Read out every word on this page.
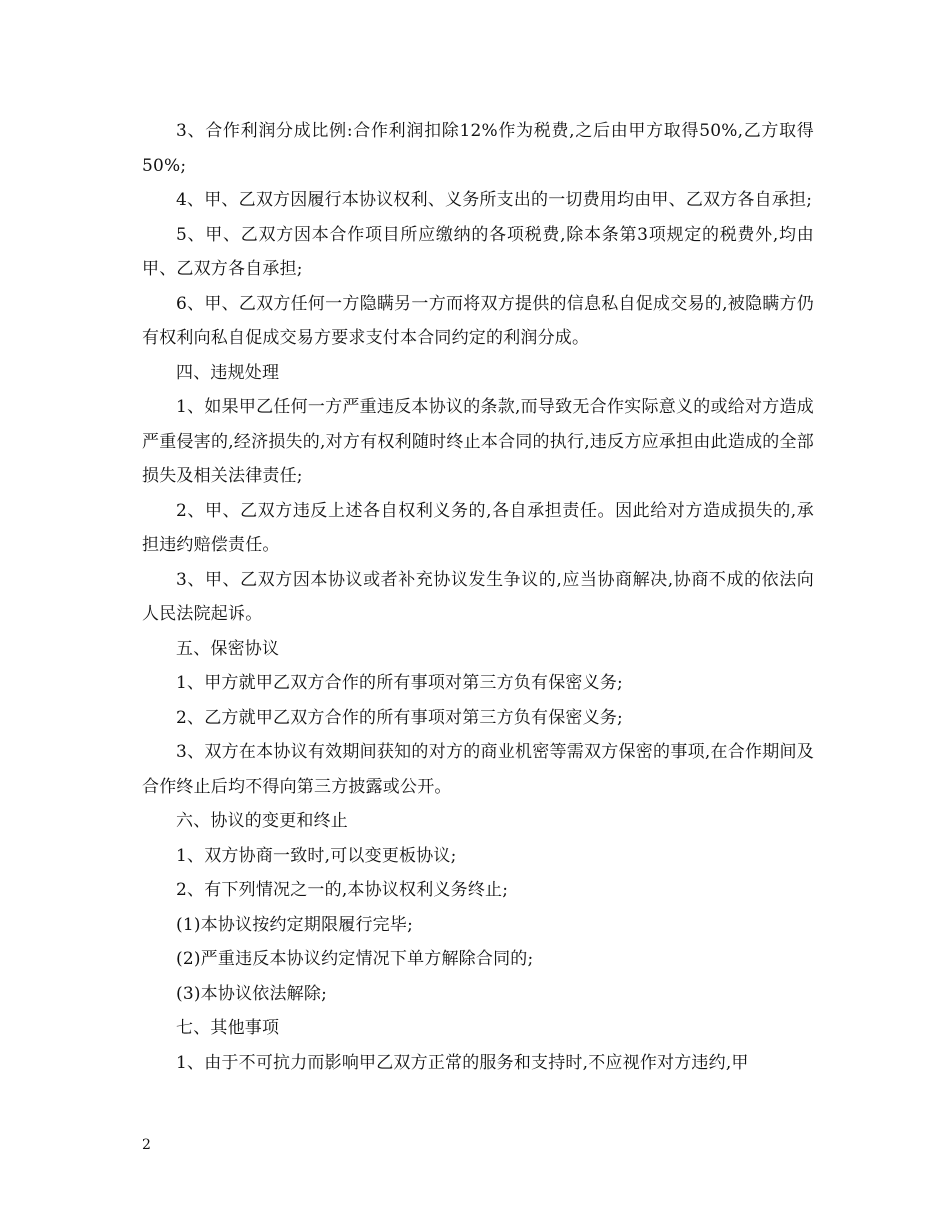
3、合作利润分成比例:合作利润扣除12%作为税费,之后由甲方取得50%,乙方取得50%;

4、甲、乙双方因履行本协议权利、义务所支出的一切费用均由甲、乙双方各自承担;

5、甲、乙双方因本合作项目所应缴纳的各项税费,除本条第3项规定的税费外,均由甲、乙双方各自承担;

6、甲、乙双方任何一方隐瞒另一方而将双方提供的信息私自促成交易的,被隐瞒方仍有权利向私自促成交易方要求支付本合同约定的利润分成。

四、违规处理

1、如果甲乙任何一方严重违反本协议的条款,而导致无合作实际意义的或给对方造成严重侵害的,经济损失的,对方有权利随时终止本合同的执行,违反方应承担由此造成的全部损失及相关法律责任;

2、甲、乙双方违反上述各自权利义务的,各自承担责任。因此给对方造成损失的,承担违约赔偿责任。

3、甲、乙双方因本协议或者补充协议发生争议的,应当协商解决,协商不成的依法向人民法院起诉。

五、保密协议

1、甲方就甲乙双方合作的所有事项对第三方负有保密义务;

2、乙方就甲乙双方合作的所有事项对第三方负有保密义务;

3、双方在本协议有效期间获知的对方的商业机密等需双方保密的事项,在合作期间及合作终止后均不得向第三方披露或公开。

六、协议的变更和终止

1、双方协商一致时,可以变更板协议;

2、有下列情况之一的,本协议权利义务终止;

(1)本协议按约定期限履行完毕;

(2)严重违反本协议约定情况下单方解除合同的;

(3)本协议依法解除;

七、其他事项

1、由于不可抗力而影响甲乙双方正常的服务和支持时,不应视作对方违约,甲

2
